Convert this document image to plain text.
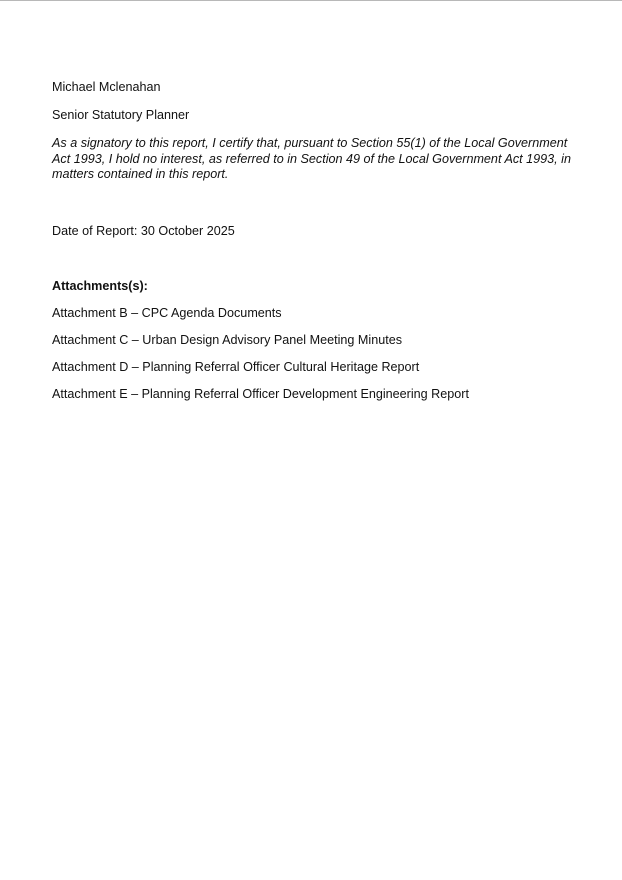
Michael Mclenahan
Senior Statutory Planner
As a signatory to this report, I certify that, pursuant to Section 55(1) of the Local Government Act 1993, I hold no interest, as referred to in Section 49 of the Local Government Act 1993, in matters contained in this report.
Date of Report: 30 October 2025
Attachments(s):
Attachment B – CPC Agenda Documents
Attachment C – Urban Design Advisory Panel Meeting Minutes
Attachment D – Planning Referral Officer Cultural Heritage Report
Attachment E – Planning Referral Officer Development Engineering Report
